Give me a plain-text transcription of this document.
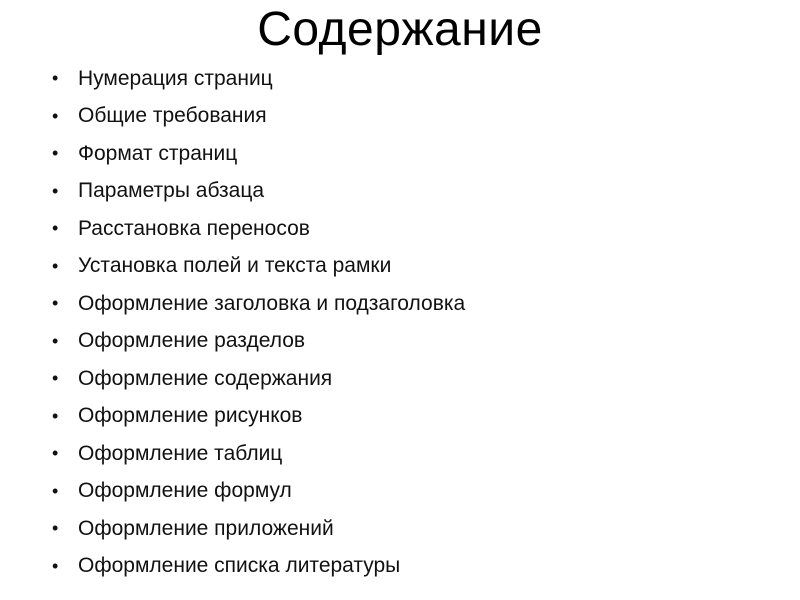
Содержание
• Нумерация страниц
• Общие требования
• Формат страниц
• Параметры абзаца
• Расстановка переносов
• Установка полей и текста рамки
• Оформление заголовка и подзаголовка
• Оформление разделов
• Оформление содержания
• Оформление рисунков
• Оформление таблиц
• Оформление формул
• Оформление приложений
• Оформление списка литературы
